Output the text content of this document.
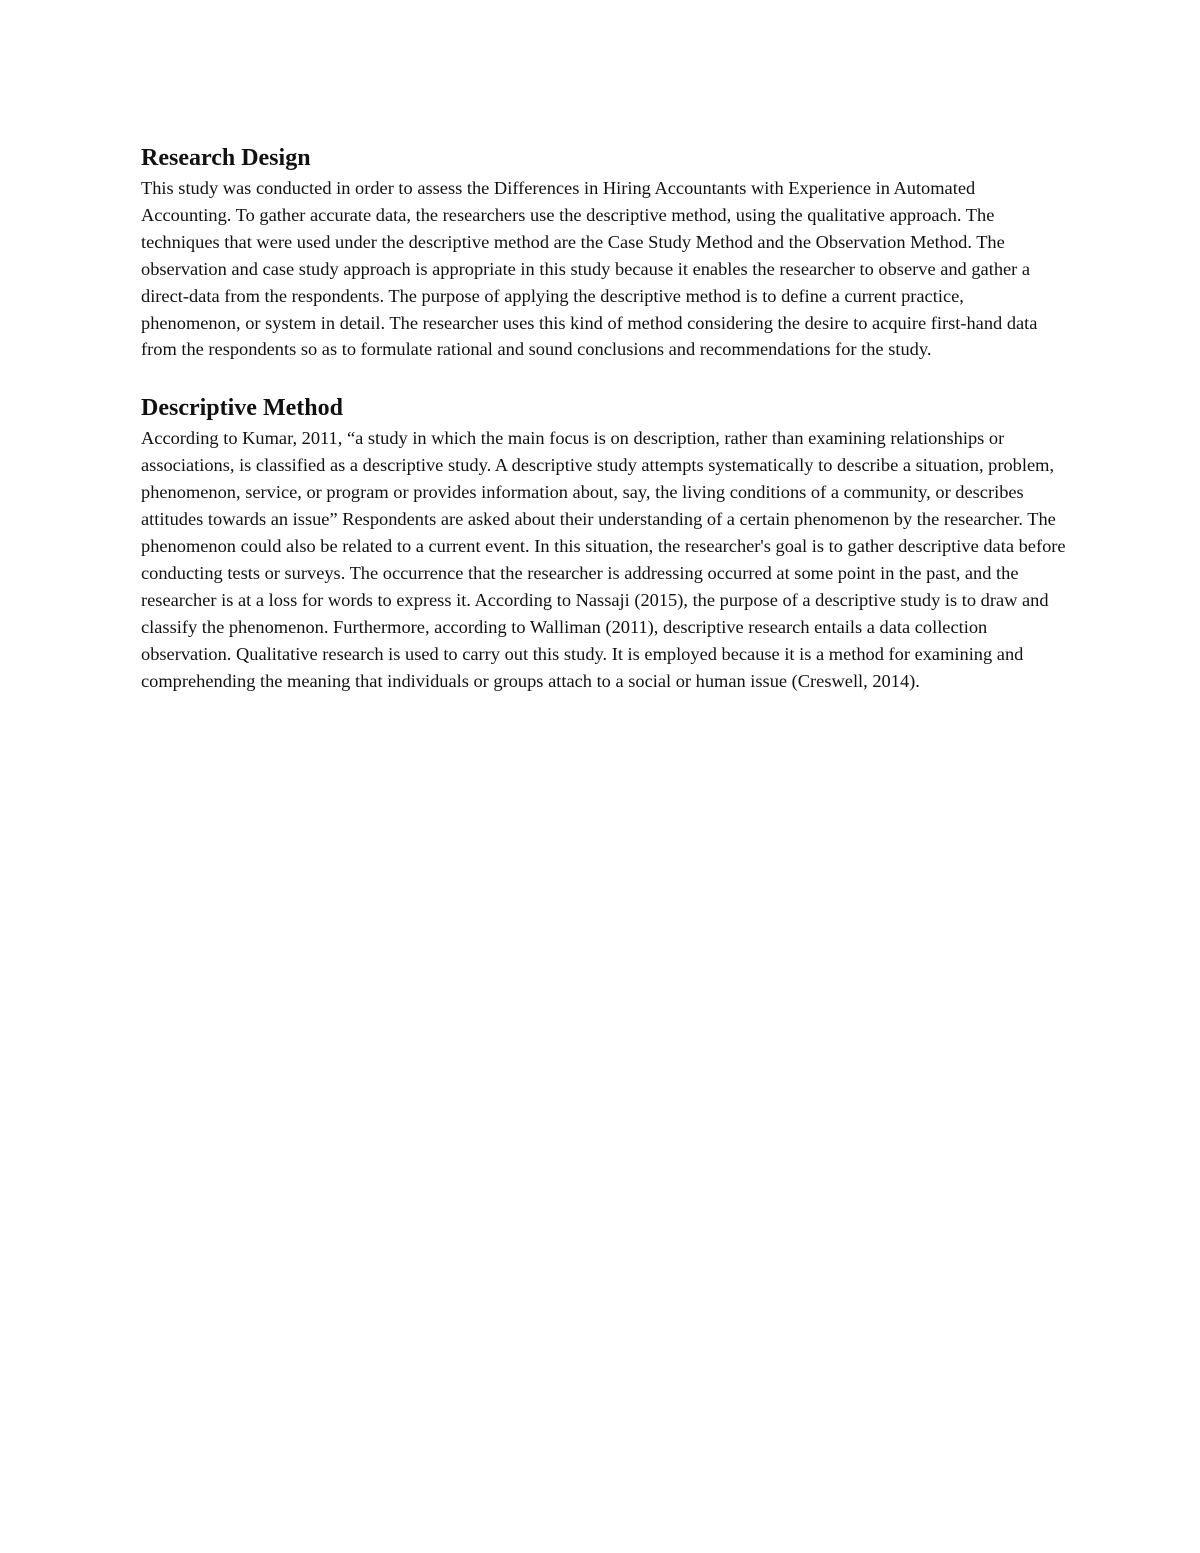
Research Design

This study was conducted in order to assess the Differences in Hiring Accountants with Experience in Automated Accounting. To gather accurate data, the researchers use the descriptive method, using the qualitative approach. The techniques that were used under the descriptive method are the Case Study Method and the Observation Method. The observation and case study approach is appropriate in this study because it enables the researcher to observe and gather a direct-data from the respondents. The purpose of applying the descriptive method is to define a current practice, phenomenon, or system in detail. The researcher uses this kind of method considering the desire to acquire first-hand data from the respondents so as to formulate rational and sound conclusions and recommendations for the study.

Descriptive Method

According to Kumar, 2011, “a study in which the main focus is on description, rather than examining relationships or associations, is classified as a descriptive study. A descriptive study attempts systematically to describe a situation, problem, phenomenon, service, or program or provides information about, say, the living conditions of a community, or describes attitudes towards an issue” Respondents are asked about their understanding of a certain phenomenon by the researcher. The phenomenon could also be related to a current event. In this situation, the researcher's goal is to gather descriptive data before conducting tests or surveys. The occurrence that the researcher is addressing occurred at some point in the past, and the researcher is at a loss for words to express it. According to Nassaji (2015), the purpose of a descriptive study is to draw and classify the phenomenon. Furthermore, according to Walliman (2011), descriptive research entails a data collection observation. Qualitative research is used to carry out this study. It is employed because it is a method for examining and comprehending the meaning that individuals or groups attach to a social or human issue (Creswell, 2014).
